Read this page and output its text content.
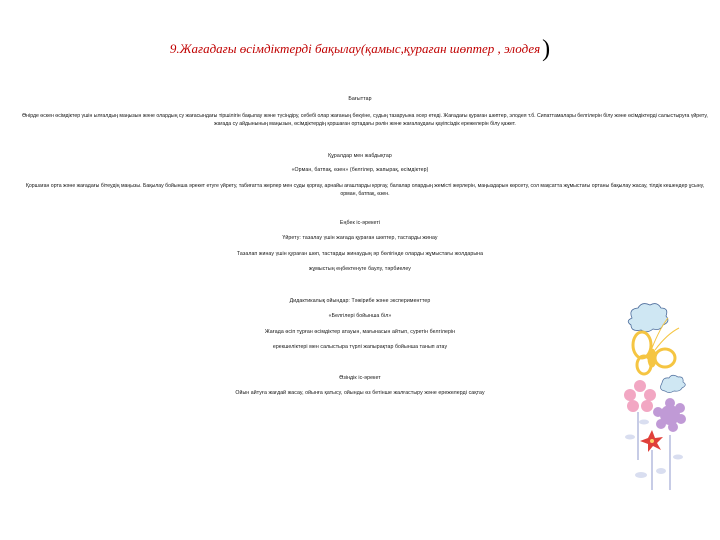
9.Жағадағы өсімдіктерді бақылау(қамыс,қураған шөптер , элодея)
Бағыттар
Өнірде өскен өсімдіктер үшін ылғалдың маңызын және олардың су жағасындағы тіршілігін бақылау және түсіндіру, себебі олар жағаның бекуіне, судың тазаруына әсер етеді. Жағадағы қураған шөптер, элодея т.б. Сипаттамалары белгілерін білу және өсімдіктерді салыстыруға үйрету, жағада су айдынының маңызын, өсімдіктердің қоршаған ортадағы рөлін және жағалаудағы қауіпсіздік ережелерін білу қажет.
Құралдар мен жабдықтар
«Орман, батпақ, өзен» (белгілер, жапырақ, өсімдіктер)
Қоршаған орта және жағадағы бітеудің маңызы. Бақылау бойынша әрекет етуге үйрету, табиғатта жерлер мен суды қорғау, арнайы ағаштарды қорғау, балалар олардың жемісті жерлерін, маңыздарын көрсету, сол мақсатта жұмыстағы ортаны бақылау жасау, тілдік кешендер ұсыну, орман, батпақ, өзен.
Еңбек іс-әрекеті
Үйрету: тазалау үшін жағада қураған шөптер, тастарды жинау
Тазалап жинау үшін қураған шөп, тастарды жинаудың әр бөлігінде оларды жұмыстағы жолдарына
жұмыстың еңбектенуге баулу, тәрбиелеу
Дидактикалық ойындар: Тәжірибе және эксперименттер
«Белгілері бойынша біл»
Жағада өсіп тұрған өсімдіктер атауын, мағынасын айтып, суретін белгілерін
ерекшеліктері мен салыстыра түрлі жапырақтар бойынша танып атау
Өзіндік іс-әрекет
Ойын айтуға жағдай жасау, ойынға қатысу, ойынды өз бетінше жалғастыру және ережелерді сақтау
